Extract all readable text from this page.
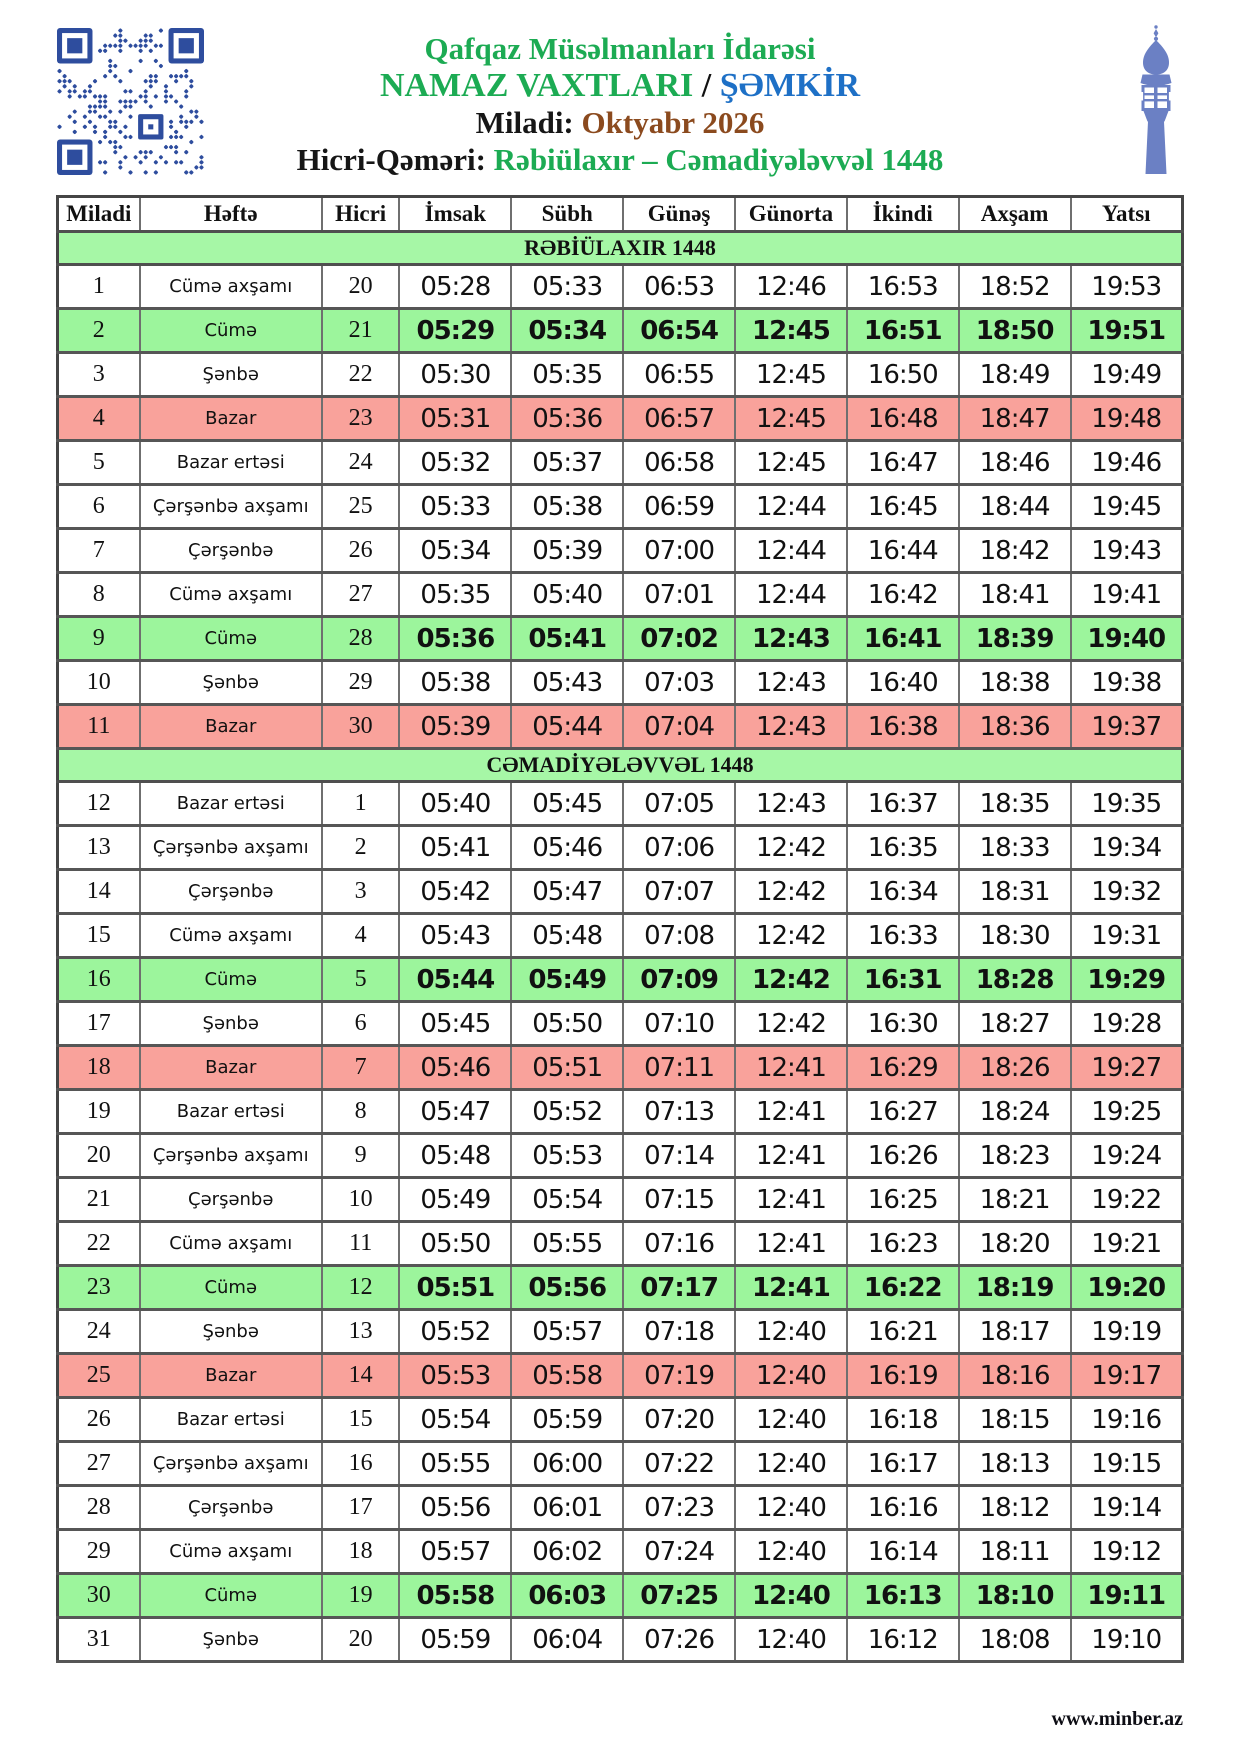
Qafqaz Müsəlmanları İdarəsi
NAMAZ VAXTLARI / ŞƏMKİR
Miladi: Oktyabr 2026
Hicri-Qəməri: Rəbiülaxır – Cəmadiyələvvəl 1448
Miladi	Həftə	Hicri	İmsak	Sübh	Günəş	Günorta	İkindi	Axşam	Yatsı
RƏBİÜLAXIR 1448									
1	Cümə axşamı	20	05:28	05:33	06:53	12:46	16:53	18:52	19:53
2	Cümə	21	05:29	05:34	06:54	12:45	16:51	18:50	19:51
3	Şənbə	22	05:30	05:35	06:55	12:45	16:50	18:49	19:49
4	Bazar	23	05:31	05:36	06:57	12:45	16:48	18:47	19:48
5	Bazar ertəsi	24	05:32	05:37	06:58	12:45	16:47	18:46	19:46
6	Çərşənbə axşamı	25	05:33	05:38	06:59	12:44	16:45	18:44	19:45
7	Çərşənbə	26	05:34	05:39	07:00	12:44	16:44	18:42	19:43
8	Cümə axşamı	27	05:35	05:40	07:01	12:44	16:42	18:41	19:41
9	Cümə	28	05:36	05:41	07:02	12:43	16:41	18:39	19:40
10	Şənbə	29	05:38	05:43	07:03	12:43	16:40	18:38	19:38
11	Bazar	30	05:39	05:44	07:04	12:43	16:38	18:36	19:37
CƏMADİYƏLƏVVƏL 1448									
12	Bazar ertəsi	1	05:40	05:45	07:05	12:43	16:37	18:35	19:35
13	Çərşənbə axşamı	2	05:41	05:46	07:06	12:42	16:35	18:33	19:34
14	Çərşənbə	3	05:42	05:47	07:07	12:42	16:34	18:31	19:32
15	Cümə axşamı	4	05:43	05:48	07:08	12:42	16:33	18:30	19:31
16	Cümə	5	05:44	05:49	07:09	12:42	16:31	18:28	19:29
17	Şənbə	6	05:45	05:50	07:10	12:42	16:30	18:27	19:28
18	Bazar	7	05:46	05:51	07:11	12:41	16:29	18:26	19:27
19	Bazar ertəsi	8	05:47	05:52	07:13	12:41	16:27	18:24	19:25
20	Çərşənbə axşamı	9	05:48	05:53	07:14	12:41	16:26	18:23	19:24
21	Çərşənbə	10	05:49	05:54	07:15	12:41	16:25	18:21	19:22
22	Cümə axşamı	11	05:50	05:55	07:16	12:41	16:23	18:20	19:21
23	Cümə	12	05:51	05:56	07:17	12:41	16:22	18:19	19:20
24	Şənbə	13	05:52	05:57	07:18	12:40	16:21	18:17	19:19
25	Bazar	14	05:53	05:58	07:19	12:40	16:19	18:16	19:17
26	Bazar ertəsi	15	05:54	05:59	07:20	12:40	16:18	18:15	19:16
27	Çərşənbə axşamı	16	05:55	06:00	07:22	12:40	16:17	18:13	19:15
28	Çərşənbə	17	05:56	06:01	07:23	12:40	16:16	18:12	19:14
29	Cümə axşamı	18	05:57	06:02	07:24	12:40	16:14	18:11	19:12
30	Cümə	19	05:58	06:03	07:25	12:40	16:13	18:10	19:11
31	Şənbə	20	05:59	06:04	07:26	12:40	16:12	18:08	19:10
www.minber.az
